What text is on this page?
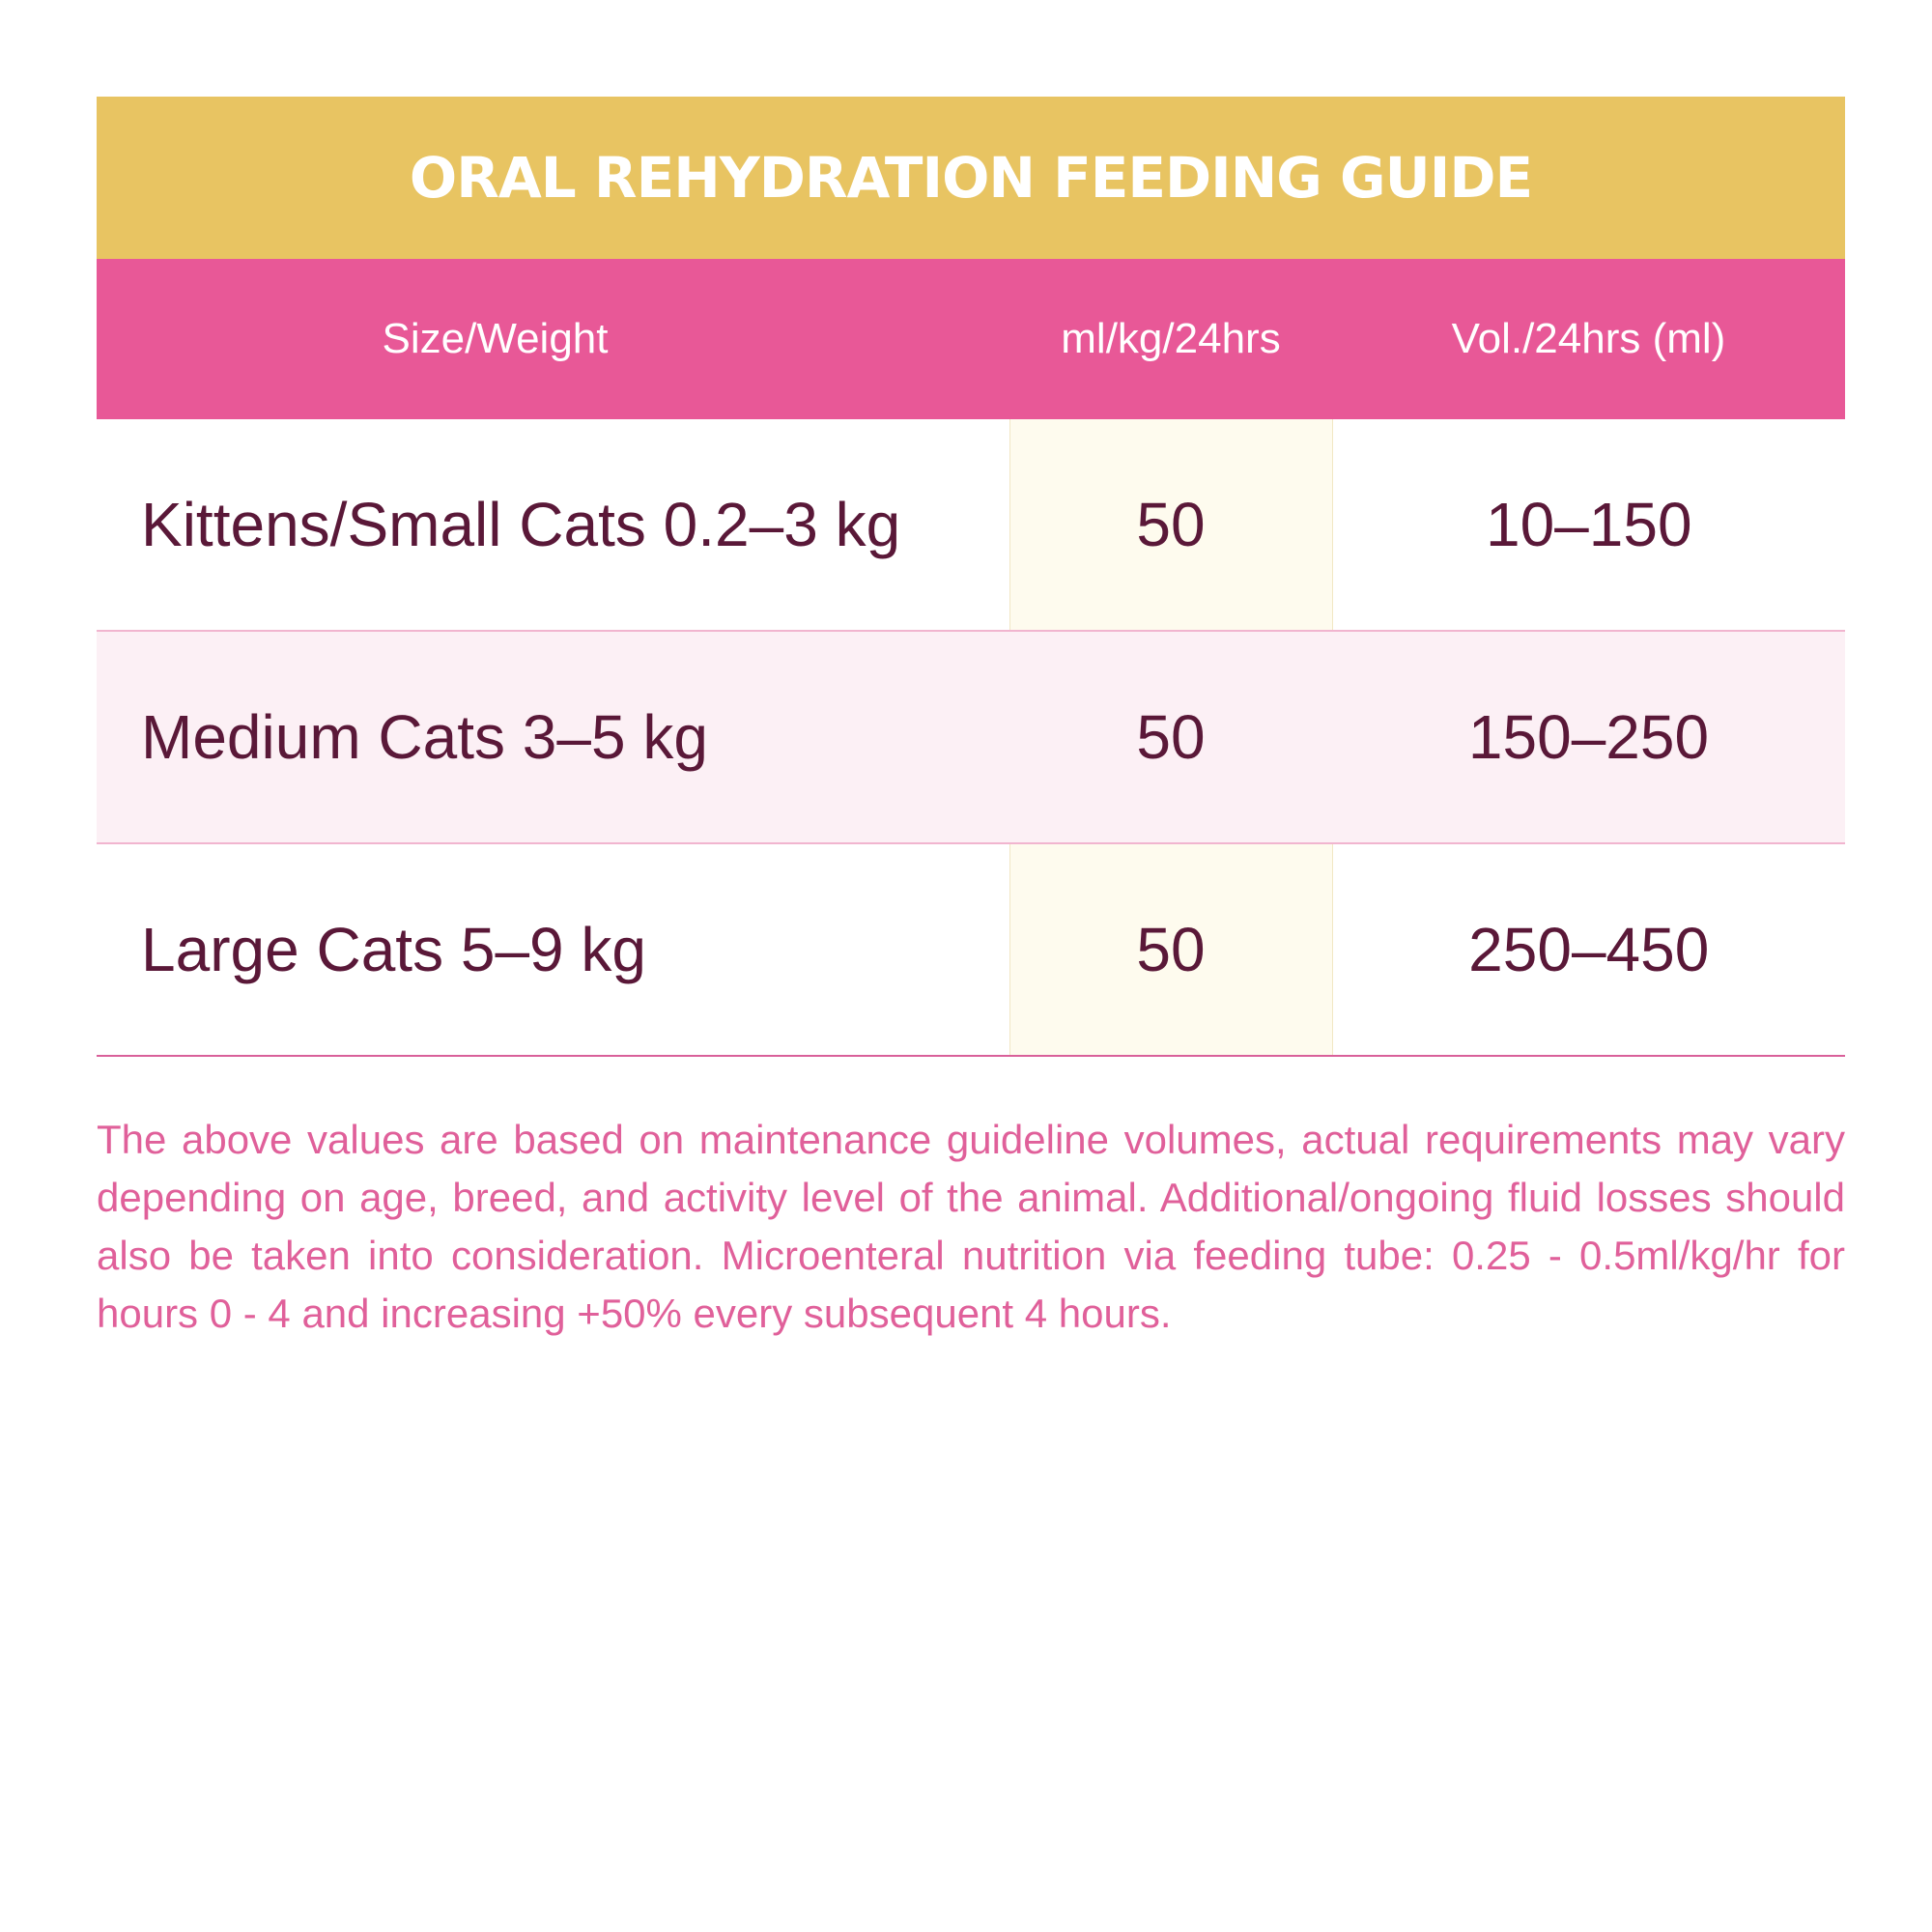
ORAL REHYDRATION FEEDING GUIDE
Size/Weight	ml/kg/24hrs	Vol./24hrs (ml)
Kittens/Small Cats 0.2–3 kg	50	10–150
Medium Cats 3–5 kg	50	150–250
Large Cats 5–9 kg	50	250–450

The above values are based on maintenance guideline volumes, actual requirements may vary depending on age, breed, and activity level of the animal. Additional/ongoing fluid losses should also be taken into consideration. Microenteral nutrition via feeding tube: 0.25 - 0.5ml/kg/hr for hours 0 - 4 and increasing +50% every subsequent 4 hours.
